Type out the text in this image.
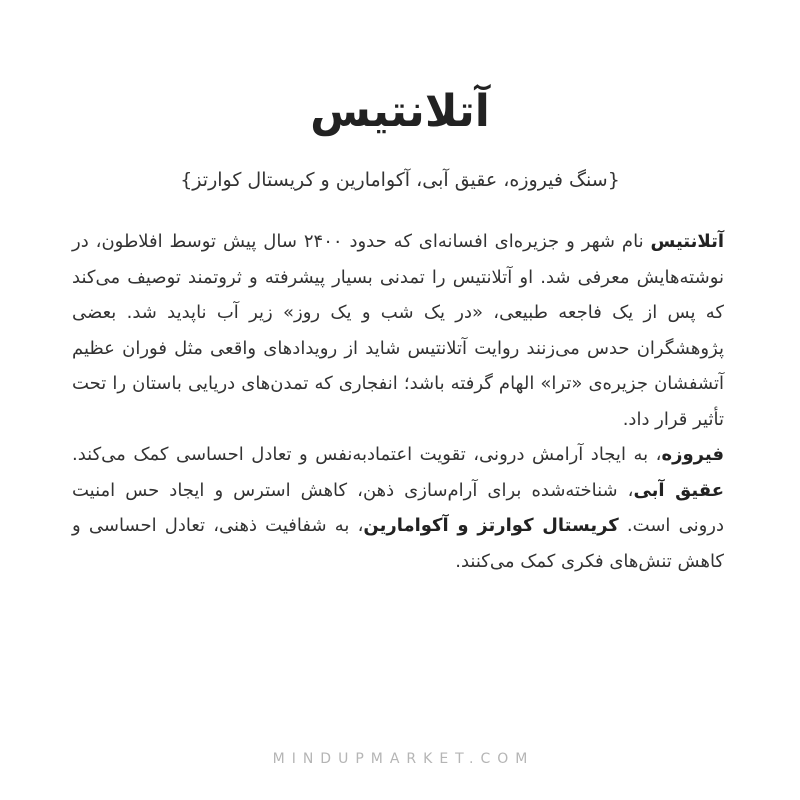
آتلانتیس
{سنگ فیروزه، عقیق آبی، آکوامارین و کریستال کوارتز}

آتلانتیس نام شهر و جزیره‌ای افسانه‌ای که حدود ۲۴۰۰ سال پیش توسط افلاطون، در نوشته‌هایش معرفی شد. او آتلانتیس را تمدنی بسیار پیشرفته و ثروتمند توصیف می‌کند که پس از یک فاجعه طبیعی، «در یک شب و یک روز» زیر آب ناپدید شد. بعضی پژوهشگران حدس می‌زنند روایت آتلانتیس شاید از رویدادهای واقعی مثل فوران عظیم آتشفشان جزیره‌ی «ترا» الهام گرفته باشد؛ انفجاری که تمدن‌های دریایی باستان را تحت تأثیر قرار داد.

فیروزه، به ایجاد آرامش درونی، تقویت اعتمادبه‌نفس و تعادل احساسی کمک می‌کند. عقیق آبی، شناخته‌شده برای آرام‌سازی ذهن، کاهش استرس و ایجاد حس امنیت درونی است. کریستال کوارتز و آکوامارین، به شفافیت ذهنی، تعادل احساسی و کاهش تنش‌های فکری کمک می‌کنند.

MINDUPMARKET.COM
